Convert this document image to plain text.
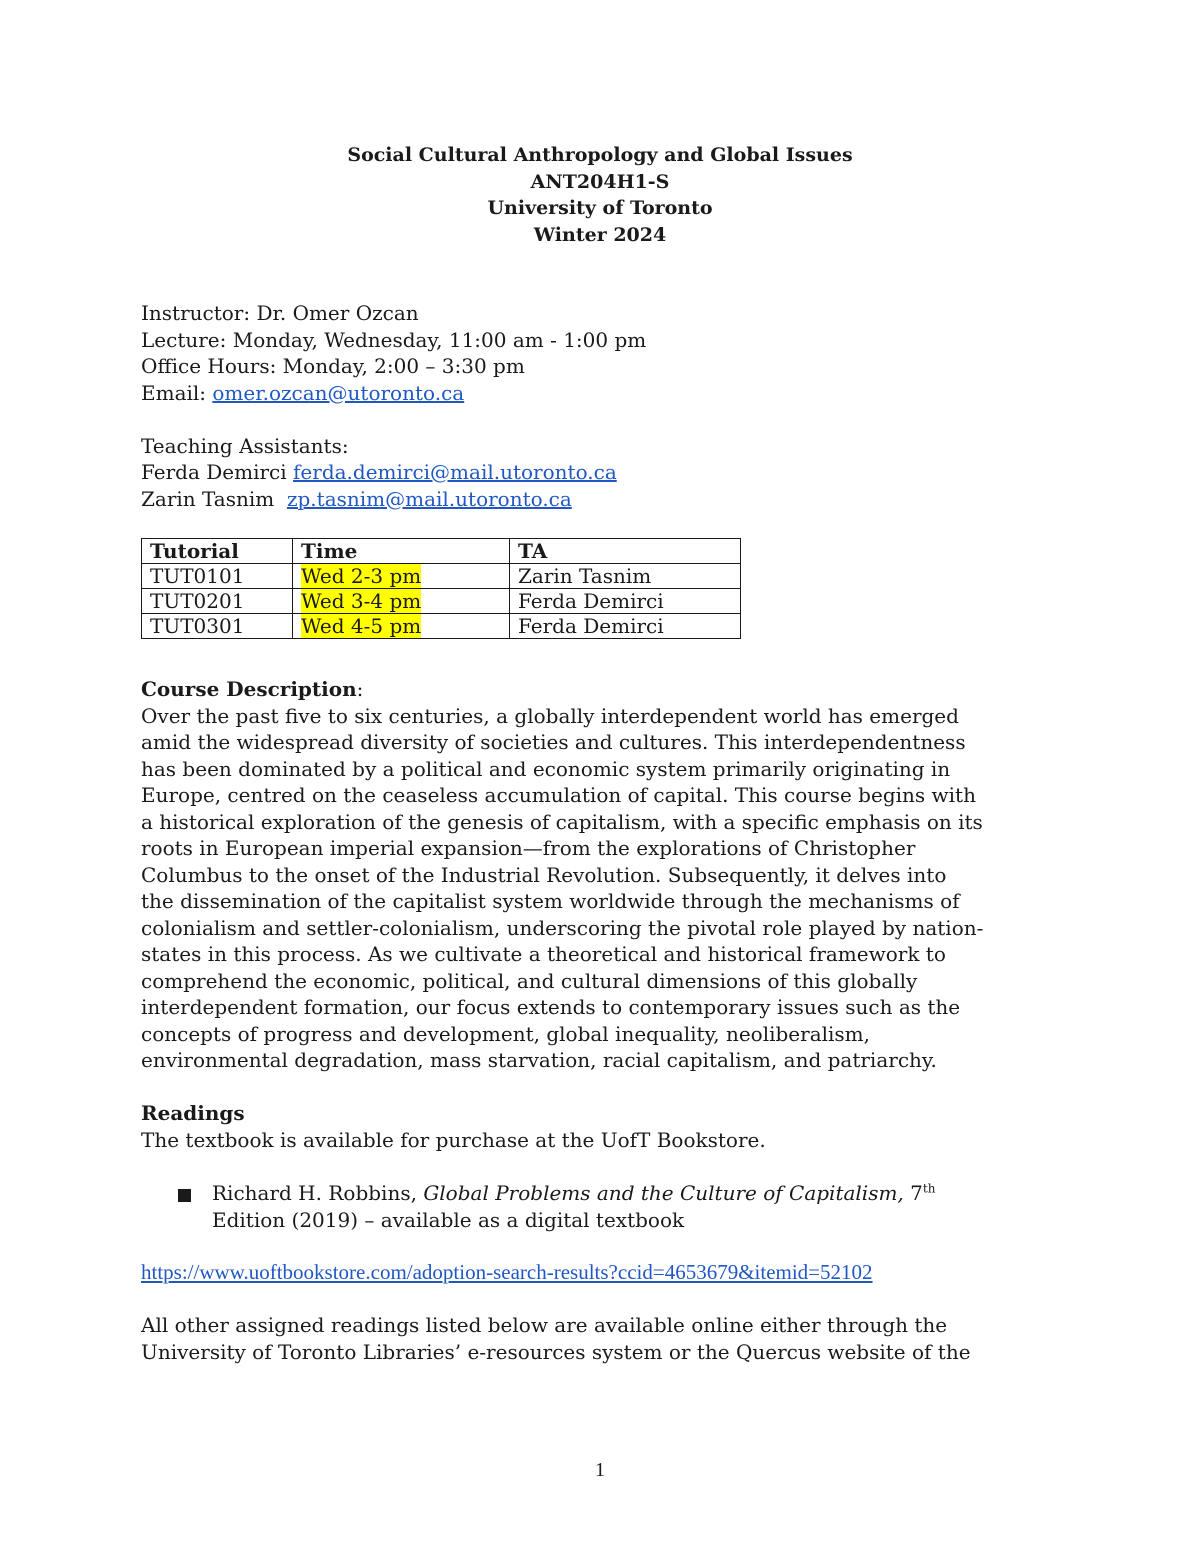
Social Cultural Anthropology and Global Issues
ANT204H1-S
University of Toronto
Winter 2024
Instructor: Dr. Omer Ozcan
Lecture: Monday, Wednesday, 11:00 am - 1:00 pm
Office Hours: Monday, 2:00 – 3:30 pm
Email: omer.ozcan@utoronto.ca
Teaching Assistants:
Ferda Demirci ferda.demirci@mail.utoronto.ca
Zarin Tasnim  zp.tasnim@mail.utoronto.ca
Tutorial	Time	TA
TUT0101	Wed 2-3 pm	Zarin Tasnim
TUT0201	Wed 3-4 pm	Ferda Demirci
TUT0301	Wed 4-5 pm	Ferda Demirci
Course Description:
Over the past five to six centuries, a globally interdependent world has emerged
amid the widespread diversity of societies and cultures. This interdependentness
has been dominated by a political and economic system primarily originating in
Europe, centred on the ceaseless accumulation of capital. This course begins with
a historical exploration of the genesis of capitalism, with a specific emphasis on its
roots in European imperial expansion—from the explorations of Christopher
Columbus to the onset of the Industrial Revolution. Subsequently, it delves into
the dissemination of the capitalist system worldwide through the mechanisms of
colonialism and settler-colonialism, underscoring the pivotal role played by nation-
states in this process. As we cultivate a theoretical and historical framework to
comprehend the economic, political, and cultural dimensions of this globally
interdependent formation, our focus extends to contemporary issues such as the
concepts of progress and development, global inequality, neoliberalism,
environmental degradation, mass starvation, racial capitalism, and patriarchy.
Readings
The textbook is available for purchase at the UofT Bookstore.
Richard H. Robbins, Global Problems and the Culture of Capitalism, 7th
Edition (2019) – available as a digital textbook
https://www.uoftbookstore.com/adoption-search-results?ccid=4653679&itemid=52102
All other assigned readings listed below are available online either through the
University of Toronto Libraries’ e-resources system or the Quercus website of the
1
